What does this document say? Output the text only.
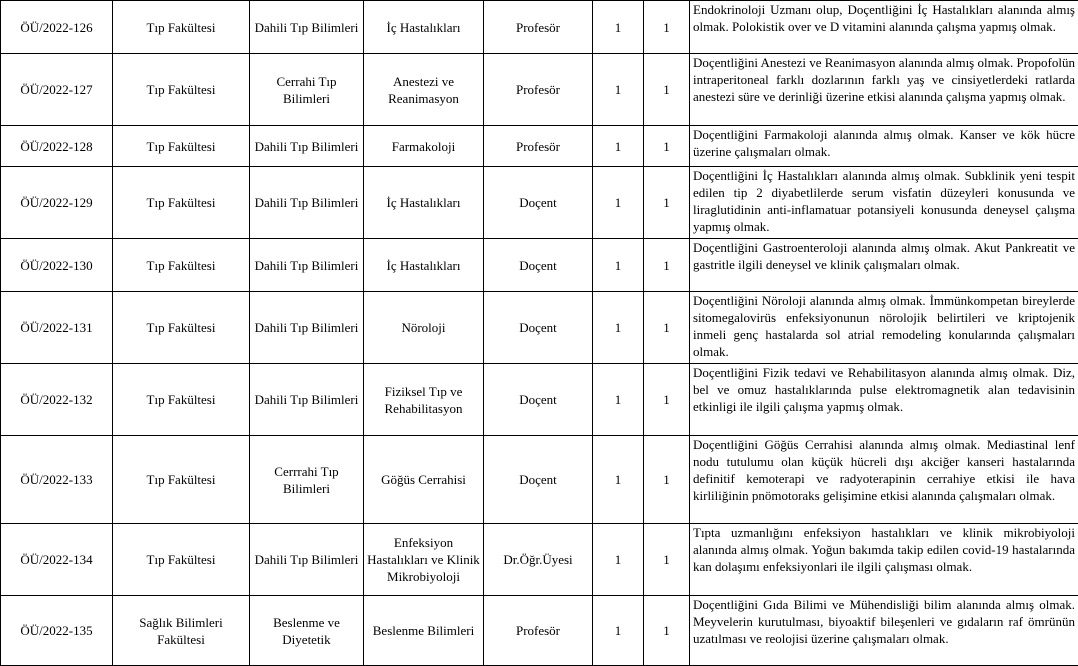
ÖÜ/2022-126	Tıp Fakültesi	Dahili Tıp Bilimleri	İç Hastalıkları	Profesör	1	1	Endokrinoloji Uzmanı olup, Doçentliğini İç Hastalıkları alanında almış olmak. Polokistik over ve D vitamini alanında çalışma yapmış olmak.
ÖÜ/2022-127	Tıp Fakültesi	Cerrahi Tıp Bilimleri	Anestezi ve Reanimasyon	Profesör	1	1	Doçentliğini Anestezi ve Reanimasyon alanında almış olmak. Propofolün intraperitoneal farklı dozlarının farklı yaş ve cinsiyetlerdeki ratlarda anestezi süre ve derinliği üzerine etkisi alanında çalışma yapmış olmak.
ÖÜ/2022-128	Tıp Fakültesi	Dahili Tıp Bilimleri	Farmakoloji	Profesör	1	1	Doçentliğini Farmakoloji alanında almış olmak. Kanser ve kök hücre üzerine çalışmaları olmak.
ÖÜ/2022-129	Tıp Fakültesi	Dahili Tıp Bilimleri	İç Hastalıkları	Doçent	1	1	Doçentliğini İç Hastalıkları alanında almış olmak. Subklinik yeni tespit edilen tip 2 diyabetlilerde serum visfatin düzeyleri konusunda ve liraglutidinin anti-inflamatuar potansiyeli konusunda deneysel çalışma yapmış olmak.
ÖÜ/2022-130	Tıp Fakültesi	Dahili Tıp Bilimleri	İç Hastalıkları	Doçent	1	1	Doçentliğini Gastroenteroloji alanında almış olmak. Akut Pankreatit ve gastritle ilgili deneysel ve klinik çalışmaları olmak.
ÖÜ/2022-131	Tıp Fakültesi	Dahili Tıp Bilimleri	Nöroloji	Doçent	1	1	Doçentliğini Nöroloji alanında almış olmak. İmmünkompetan bireylerde sitomegalovirüs enfeksiyonunun nörolojik belirtileri ve kriptojenik inmeli genç hastalarda sol atrial remodeling konularında çalışmaları olmak.
ÖÜ/2022-132	Tıp Fakültesi	Dahili Tıp Bilimleri	Fiziksel Tıp ve Rehabilitasyon	Doçent	1	1	Doçentliğini Fizik tedavi ve Rehabilitasyon alanında almış olmak. Diz, bel ve omuz hastalıklarında pulse elektromagnetik alan tedavisinin etkinligi ile ilgili çalışma yapmış olmak.
ÖÜ/2022-133	Tıp Fakültesi	Cerrrahi Tıp Bilimleri	Göğüs Cerrahisi	Doçent	1	1	Doçentliğini Göğüs Cerrahisi alanında almış olmak. Mediastinal lenf nodu tutulumu olan küçük hücreli dışı akciğer kanseri hastalarında definitif kemoterapi ve radyoterapinin cerrahiye etkisi ile hava kirliliğinin pnömotoraks gelişimine etkisi alanında çalışmaları olmak.
ÖÜ/2022-134	Tıp Fakültesi	Dahili Tıp Bilimleri	Enfeksiyon Hastalıkları ve Klinik Mikrobiyoloji	Dr.Öğr.Üyesi	1	1	Tıpta uzmanlığını enfeksiyon hastalıkları ve klinik mikrobiyoloji alanında almış olmak. Yoğun bakımda takip edilen covid-19 hastalarında kan dolaşımı enfeksiyonlari ile ilgili çalışması olmak.
ÖÜ/2022-135	Sağlık Bilimleri Fakültesi	Beslenme ve Diyetetik	Beslenme Bilimleri	Profesör	1	1	Doçentliğini Gıda Bilimi ve Mühendisliği bilim alanında almış olmak. Meyvelerin kurutulması, biyoaktif bileşenleri ve gıdaların raf ömrünün uzatılması ve reolojisi üzerine çalışmaları olmak.
